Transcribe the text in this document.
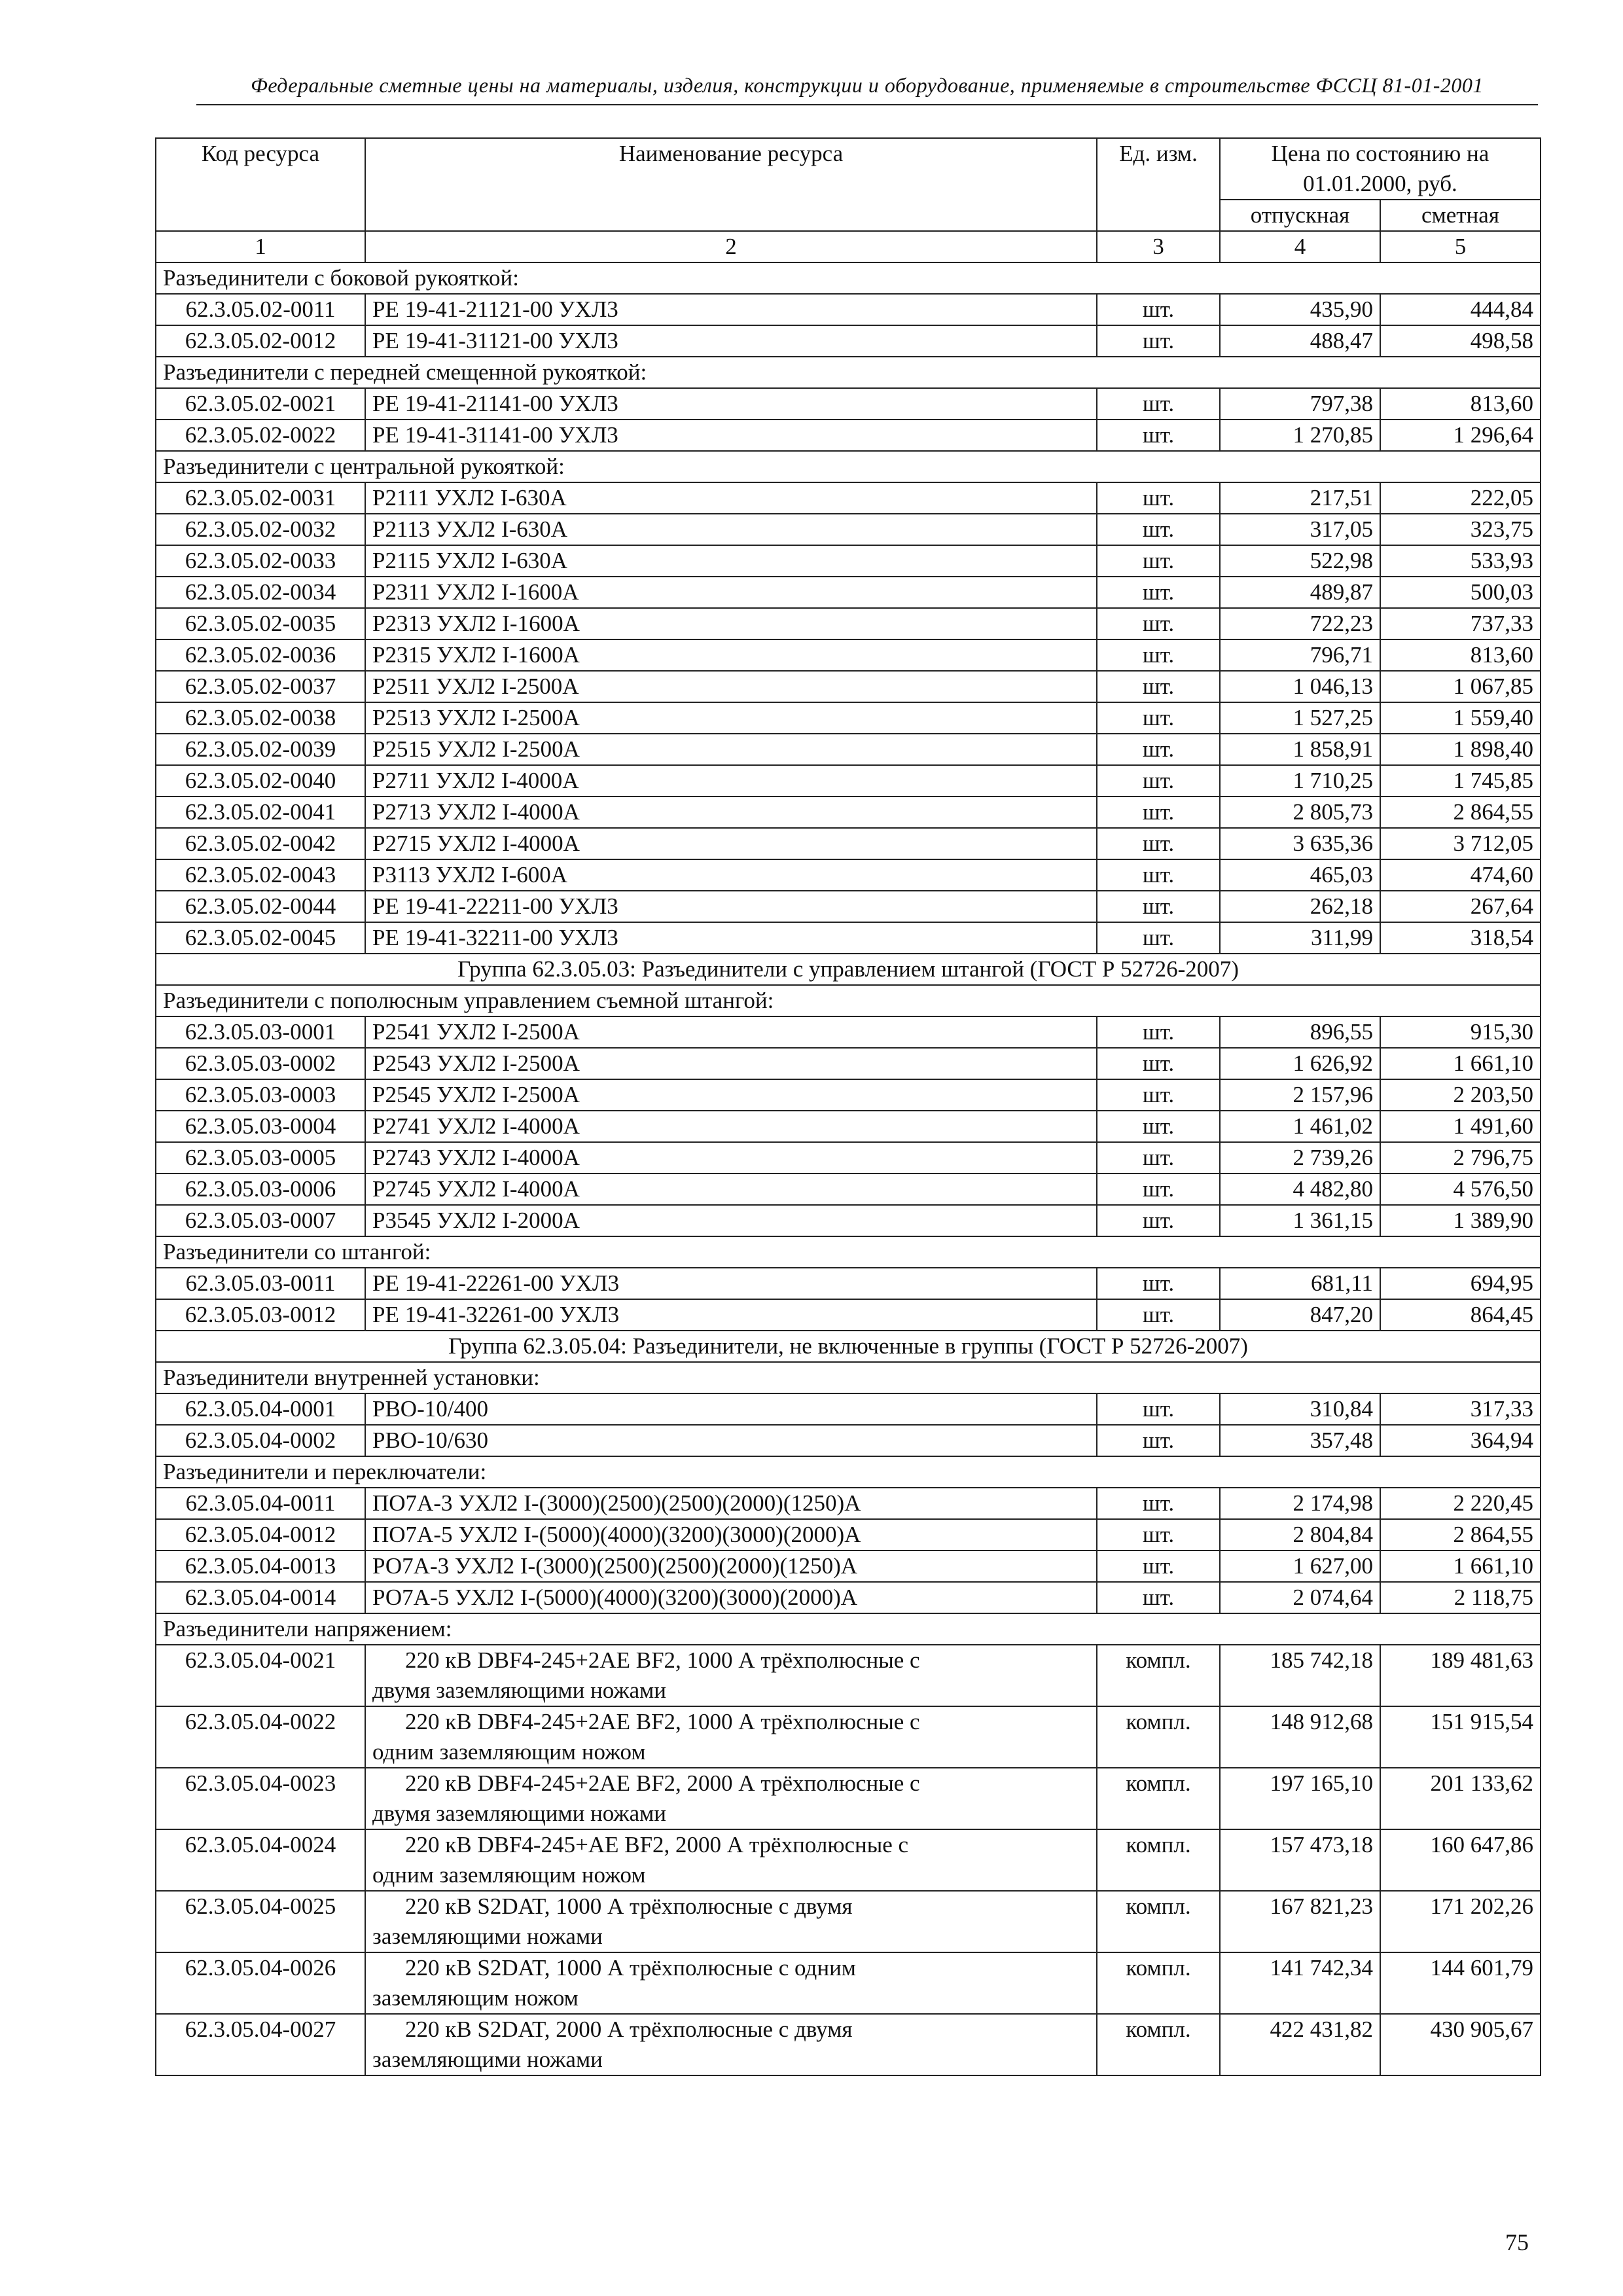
Федеральные сметные цены на материалы, изделия, конструкции и оборудование, применяемые в строительстве ФССЦ 81-01-2001
Код ресурса	Наименование ресурса	Ед. изм.	Цена по состоянию на 01.01.2000, руб.	
			отпускная	сметная
1	2	3	4	5
Разъединители с боковой рукояткой:				
62.3.05.02-0011	РЕ 19-41-21121-00 УХЛ3	шт.	435,90	444,84
62.3.05.02-0012	РЕ 19-41-31121-00 УХЛ3	шт.	488,47	498,58
Разъединители с передней смещенной рукояткой:				
62.3.05.02-0021	РЕ 19-41-21141-00 УХЛ3	шт.	797,38	813,60
62.3.05.02-0022	РЕ 19-41-31141-00 УХЛ3	шт.	1 270,85	1 296,64
Разъединители с центральной рукояткой:				
62.3.05.02-0031	Р2111 УХЛ2 I-630А	шт.	217,51	222,05
62.3.05.02-0032	Р2113 УХЛ2 I-630А	шт.	317,05	323,75
62.3.05.02-0033	Р2115 УХЛ2 I-630А	шт.	522,98	533,93
62.3.05.02-0034	Р2311 УХЛ2 I-1600А	шт.	489,87	500,03
62.3.05.02-0035	Р2313 УХЛ2 I-1600А	шт.	722,23	737,33
62.3.05.02-0036	Р2315 УХЛ2 I-1600А	шт.	796,71	813,60
62.3.05.02-0037	Р2511 УХЛ2 I-2500А	шт.	1 046,13	1 067,85
62.3.05.02-0038	Р2513 УХЛ2 I-2500А	шт.	1 527,25	1 559,40
62.3.05.02-0039	Р2515 УХЛ2 I-2500А	шт.	1 858,91	1 898,40
62.3.05.02-0040	Р2711 УХЛ2 I-4000А	шт.	1 710,25	1 745,85
62.3.05.02-0041	Р2713 УХЛ2 I-4000А	шт.	2 805,73	2 864,55
62.3.05.02-0042	Р2715 УХЛ2 I-4000А	шт.	3 635,36	3 712,05
62.3.05.02-0043	Р3113 УХЛ2 I-600А	шт.	465,03	474,60
62.3.05.02-0044	РЕ 19-41-22211-00 УХЛ3	шт.	262,18	267,64
62.3.05.02-0045	РЕ 19-41-32211-00 УХЛ3	шт.	311,99	318,54
Группа 62.3.05.03: Разъединители с управлением штангой (ГОСТ Р 52726-2007)				
Разъединители с пополюсным управлением съемной штангой:				
62.3.05.03-0001	Р2541 УХЛ2 I-2500А	шт.	896,55	915,30
62.3.05.03-0002	Р2543 УХЛ2 I-2500А	шт.	1 626,92	1 661,10
62.3.05.03-0003	Р2545 УХЛ2 I-2500А	шт.	2 157,96	2 203,50
62.3.05.03-0004	Р2741 УХЛ2 I-4000А	шт.	1 461,02	1 491,60
62.3.05.03-0005	Р2743 УХЛ2 I-4000А	шт.	2 739,26	2 796,75
62.3.05.03-0006	Р2745 УХЛ2 I-4000А	шт.	4 482,80	4 576,50
62.3.05.03-0007	Р3545 УХЛ2 I-2000А	шт.	1 361,15	1 389,90
Разъединители со штангой:				
62.3.05.03-0011	РЕ 19-41-22261-00 УХЛ3	шт.	681,11	694,95
62.3.05.03-0012	РЕ 19-41-32261-00 УХЛ3	шт.	847,20	864,45
Группа 62.3.05.04: Разъединители, не включенные в группы (ГОСТ Р 52726-2007)				
Разъединители внутренней установки:				
62.3.05.04-0001	РВО-10/400	шт.	310,84	317,33
62.3.05.04-0002	РВО-10/630	шт.	357,48	364,94
Разъединители и переключатели:				
62.3.05.04-0011	ПО7А-3 УХЛ2 I-(3000)(2500)(2500)(2000)(1250)А	шт.	2 174,98	2 220,45
62.3.05.04-0012	ПО7А-5 УХЛ2 I-(5000)(4000)(3200)(3000)(2000)А	шт.	2 804,84	2 864,55
62.3.05.04-0013	РО7А-3 УХЛ2 I-(3000)(2500)(2500)(2000)(1250)А	шт.	1 627,00	1 661,10
62.3.05.04-0014	РО7А-5 УХЛ2 I-(5000)(4000)(3200)(3000)(2000)А	шт.	2 074,64	2 118,75
Разъединители напряжением:				
62.3.05.04-0021	220 кВ DBF4-245+2AE BF2, 1000 А трёхполюсные с
двумя заземляющими ножами	компл.	185 742,18	189 481,63
62.3.05.04-0022	220 кВ DBF4-245+2AE BF2, 1000 А трёхполюсные с
одним заземляющим ножом	компл.	148 912,68	151 915,54
62.3.05.04-0023	220 кВ DBF4-245+2AE BF2, 2000 А трёхполюсные с
двумя заземляющими ножами	компл.	197 165,10	201 133,62
62.3.05.04-0024	220 кВ DBF4-245+AE BF2, 2000 А трёхполюсные с
одним заземляющим ножом	компл.	157 473,18	160 647,86
62.3.05.04-0025	220 кВ S2DAT, 1000 А трёхполюсные с двумя
заземляющими ножами	компл.	167 821,23	171 202,26
62.3.05.04-0026	220 кВ S2DAT, 1000 А трёхполюсные с одним
заземляющим ножом	компл.	141 742,34	144 601,79
62.3.05.04-0027	220 кВ S2DAT, 2000 А трёхполюсные с двумя
заземляющими ножами	компл.	422 431,82	430 905,67
75
